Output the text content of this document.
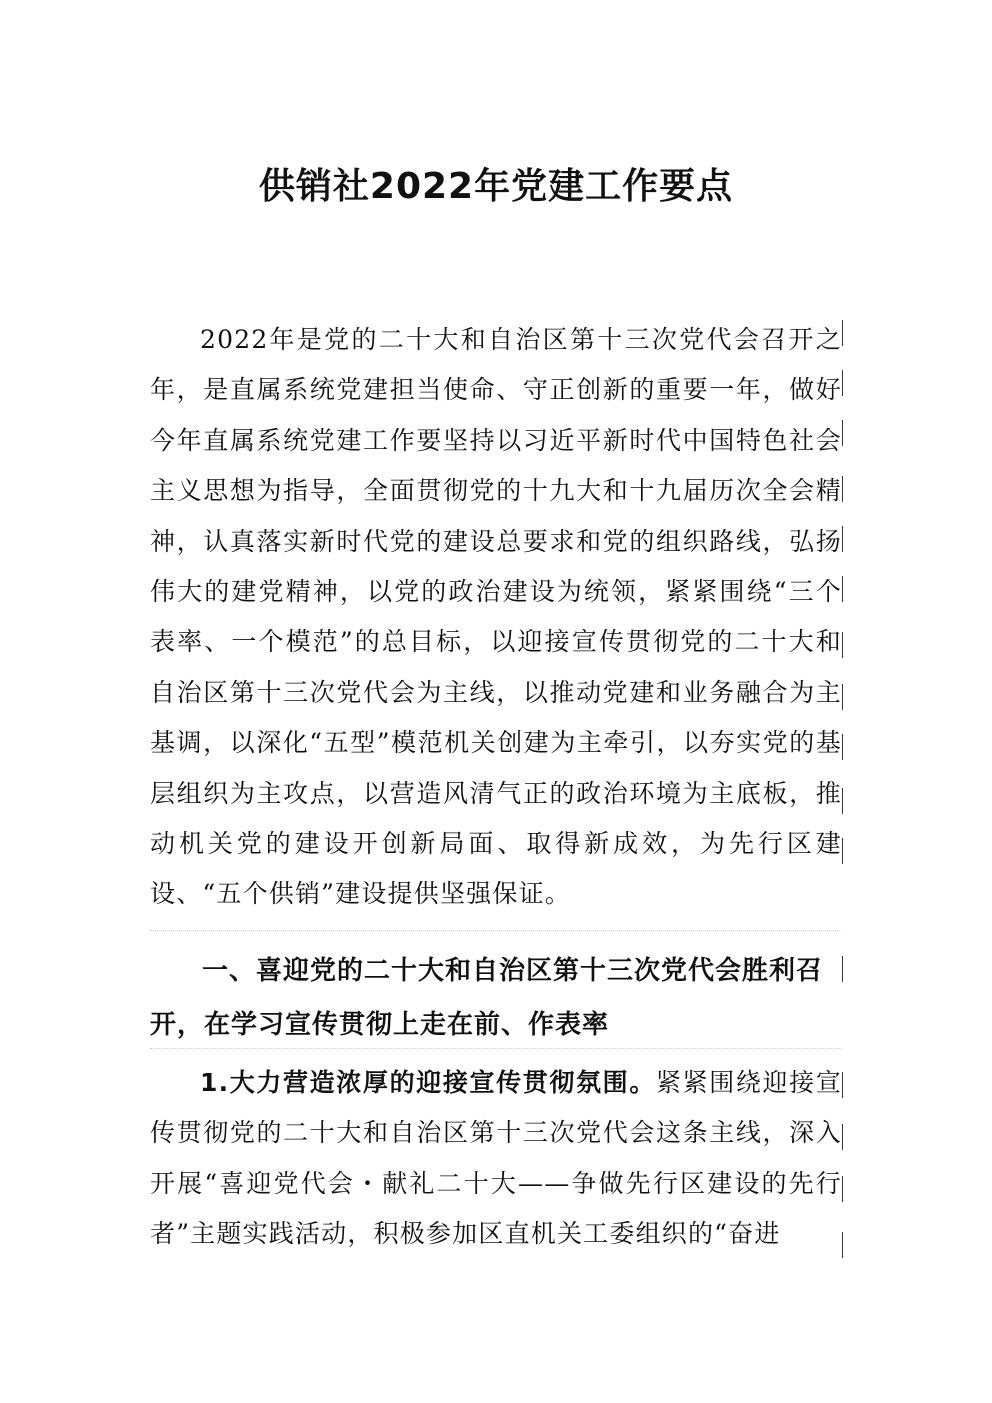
供销社2022年党建工作要点

2022年是党的二十大和自治区第十三次党代会召开之年，是直属系统党建担当使命、守正创新的重要一年，做好今年直属系统党建工作要坚持以习近平新时代中国特色社会主义思想为指导，全面贯彻党的十九大和十九届历次全会精神，认真落实新时代党的建设总要求和党的组织路线，弘扬伟大的建党精神，以党的政治建设为统领，紧紧围绕“三个表率、一个模范”的总目标，以迎接宣传贯彻党的二十大和自治区第十三次党代会为主线，以推动党建和业务融合为主基调，以深化“五型”模范机关创建为主牵引，以夯实党的基层组织为主攻点，以营造风清气正的政治环境为主底板，推动机关党的建设开创新局面、取得新成效，为先行区建设、“五个供销”建设提供坚强保证。

一、喜迎党的二十大和自治区第十三次党代会胜利召开，在学习宣传贯彻上走在前、作表率

1.大力营造浓厚的迎接宣传贯彻氛围。紧紧围绕迎接宣传贯彻党的二十大和自治区第十三次党代会这条主线，深入开展“喜迎党代会・献礼二十大——争做先行区建设的先行者”主题实践活动，积极参加区直机关工委组织的“奋进
